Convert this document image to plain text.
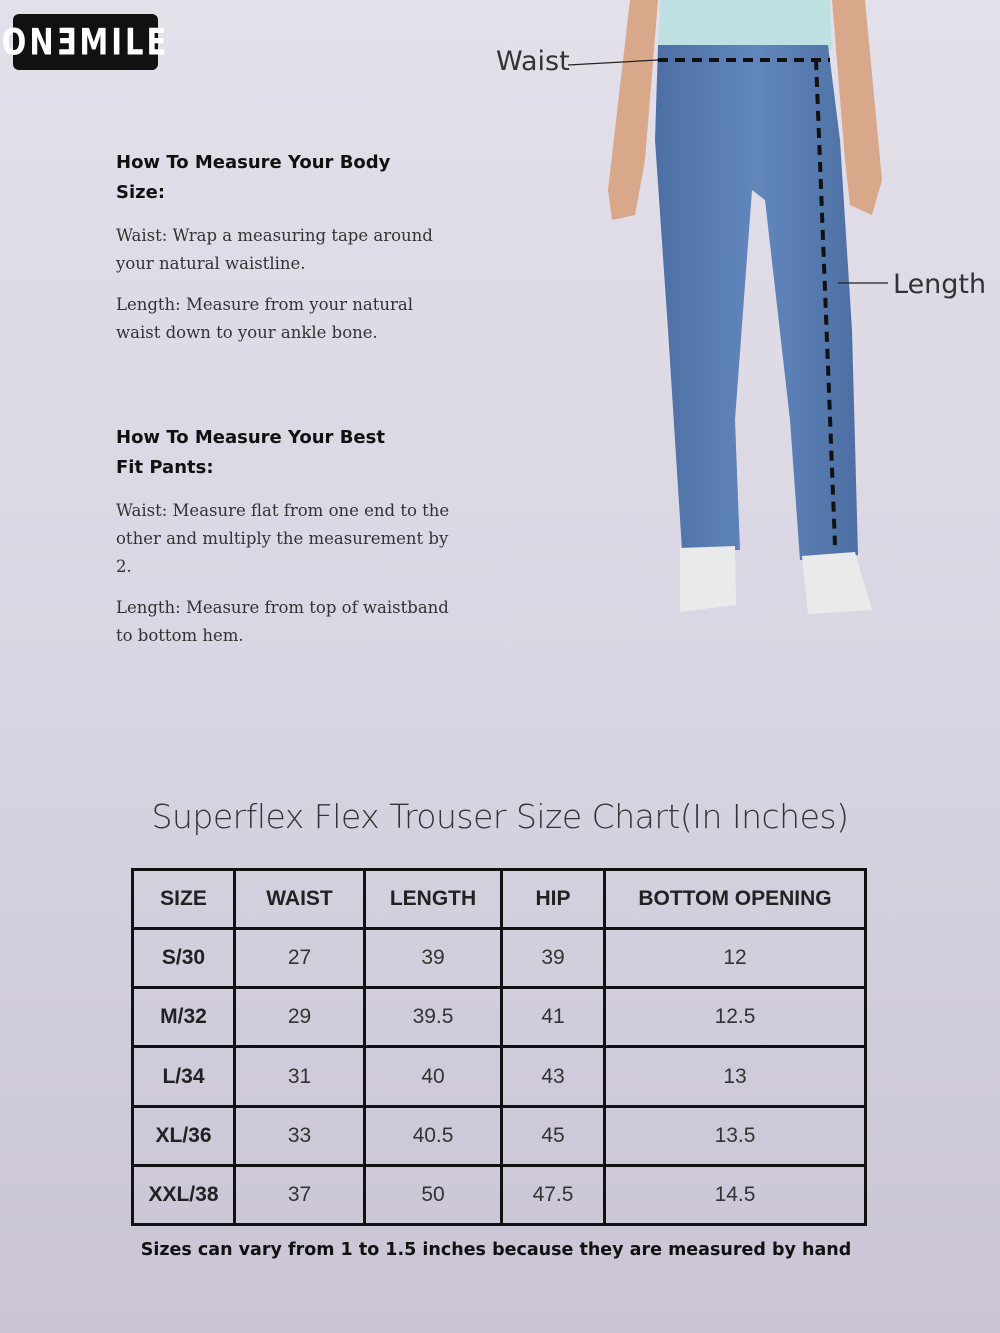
ONƎMILE
How To Measure Your Body Size:

Waist: Wrap a measuring tape around your natural waistline.

Length: Measure from your natural waist down to your ankle bone.

How To Measure Your Best Fit Pants:

Waist: Measure flat from one end to the other and multiply the measurement by 2.

Length: Measure from top of waistband to bottom hem.

Waist
Length
Superflex Flex Trouser Size Chart(In Inches)
SIZE	WAIST	LENGTH	HIP	BOTTOM OPENING
S/30	27	39	39	12
M/32	29	39.5	41	12.5
L/34	31	40	43	13
XL/36	33	40.5	45	13.5
XXL/38	37	50	47.5	14.5
Sizes can vary from 1 to 1.5 inches because they are measured by hand
